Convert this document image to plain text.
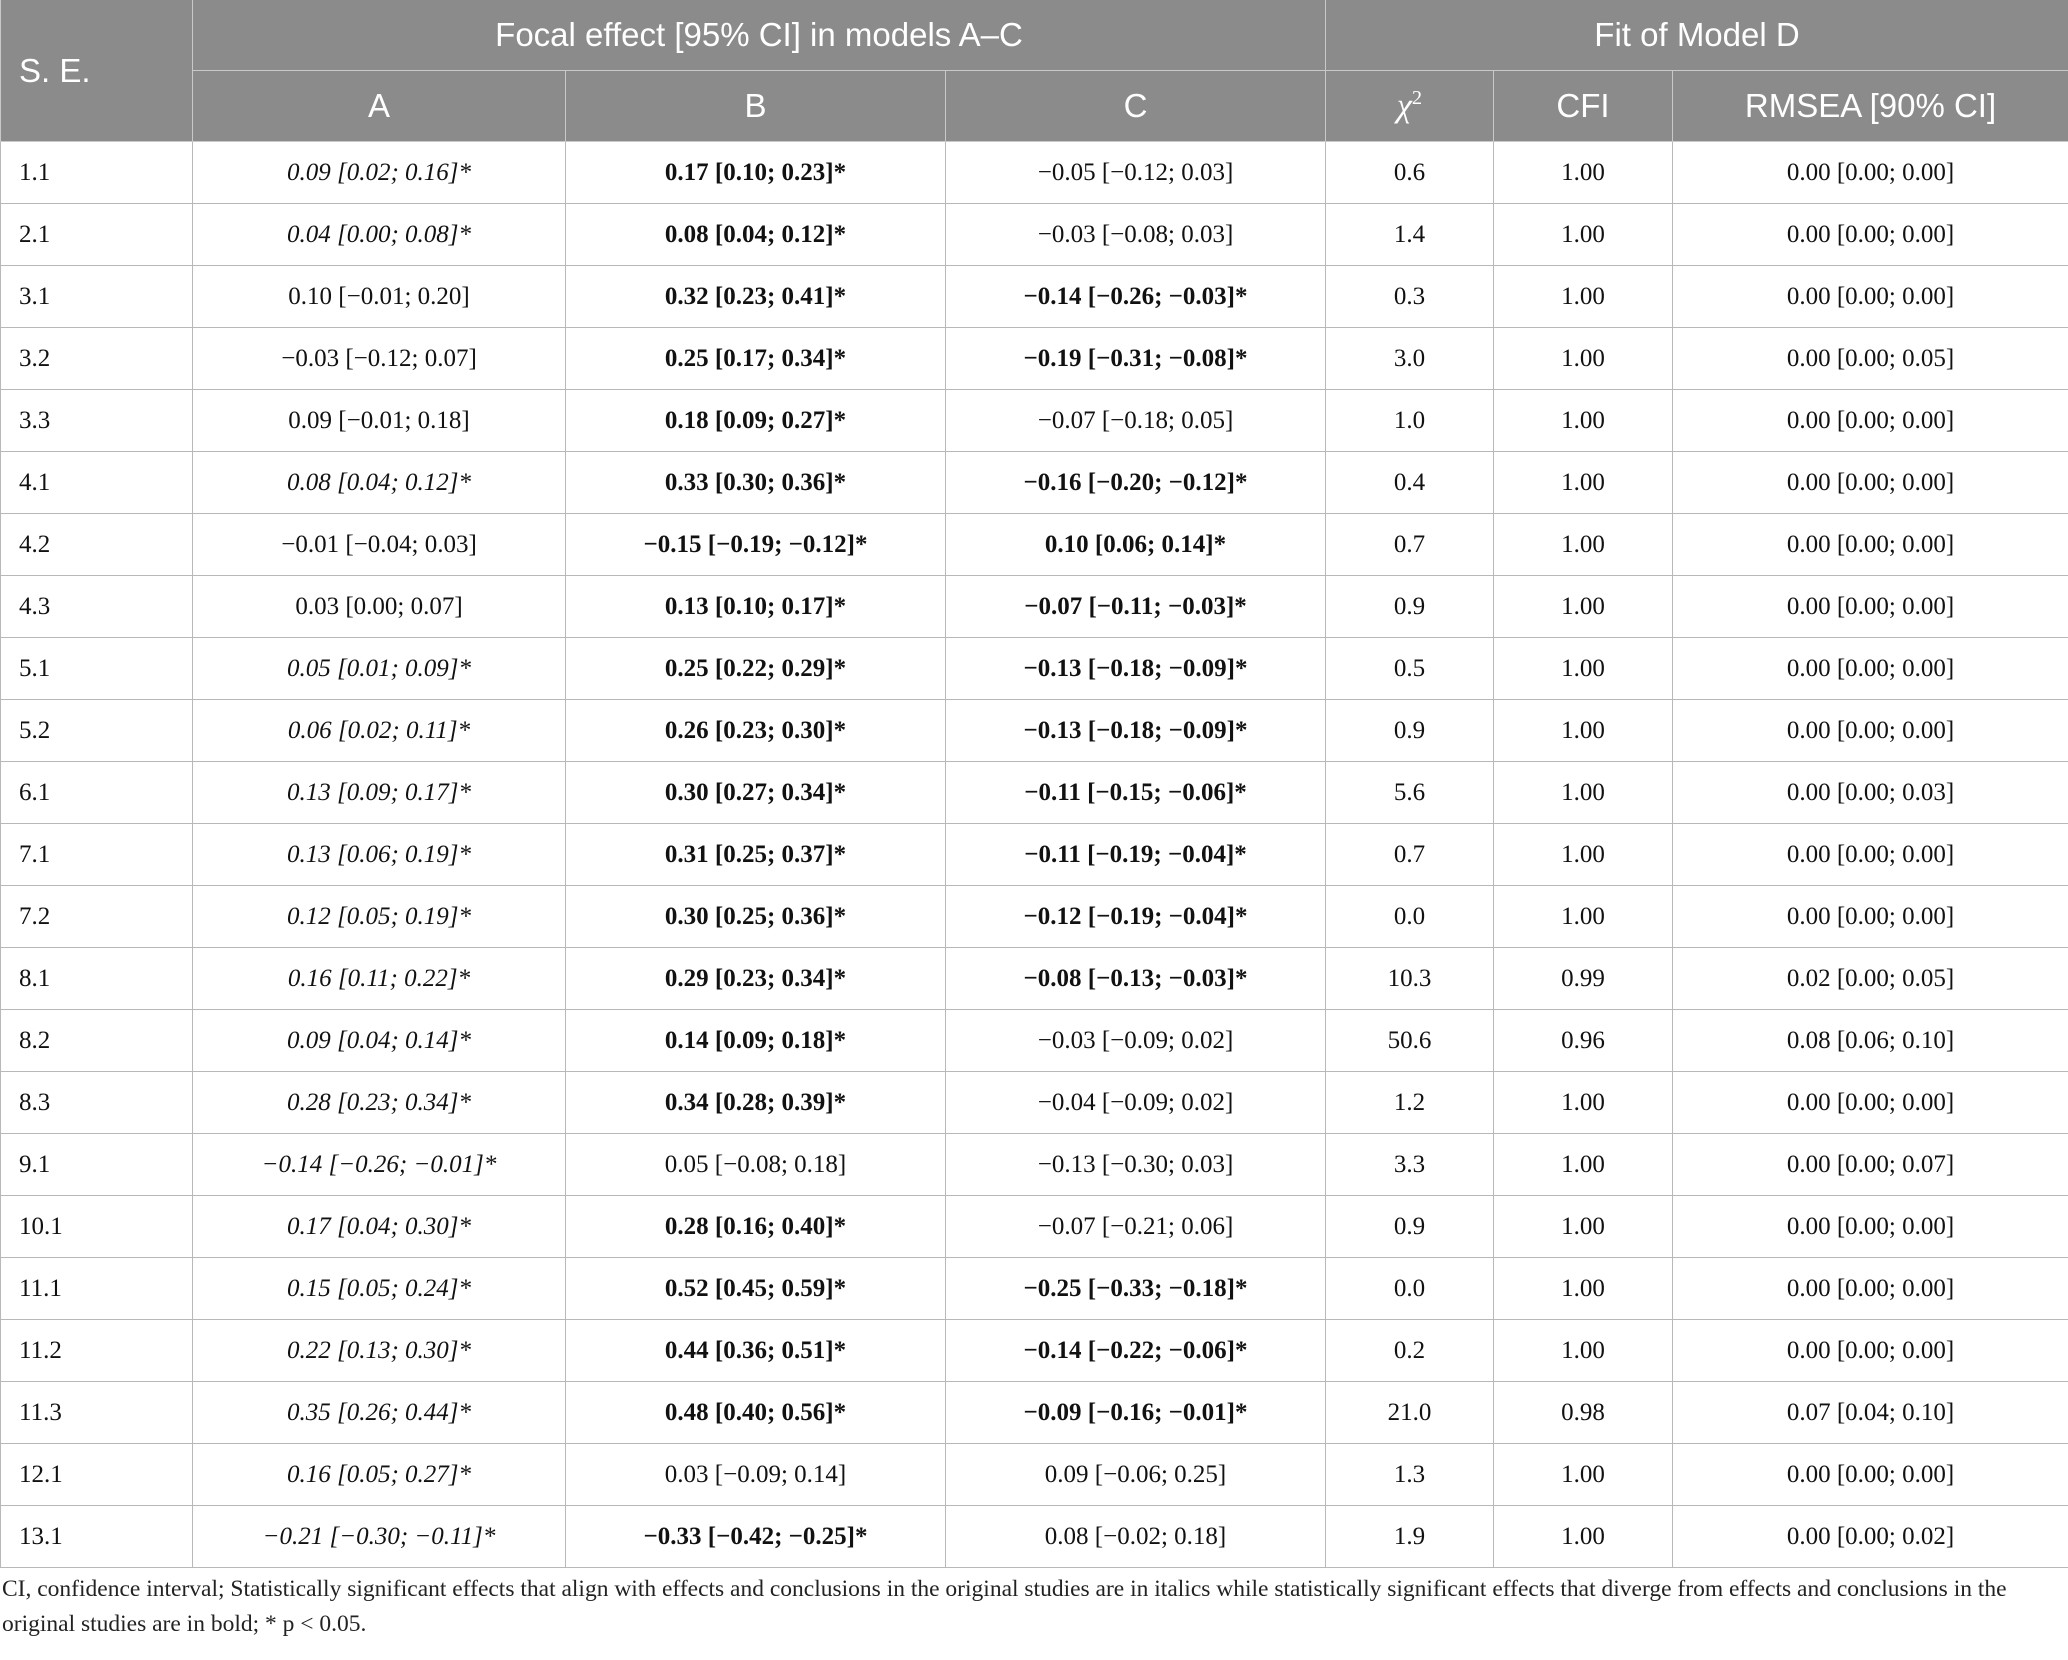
S. E.	Focal effect [95% CI] in models A–C			Fit of Model D		
	A	B	C	$\chi^2$	CFI	RMSEA [90% CI]
1.1	0.09 [0.02; 0.16]*	0.17 [0.10; 0.23]*	−0.05 [−0.12; 0.03]	0.6	1.00	0.00 [0.00; 0.00]
2.1	0.04 [0.00; 0.08]*	0.08 [0.04; 0.12]*	−0.03 [−0.08; 0.03]	1.4	1.00	0.00 [0.00; 0.00]
3.1	0.10 [−0.01; 0.20]	0.32 [0.23; 0.41]*	−0.14 [−0.26; −0.03]*	0.3	1.00	0.00 [0.00; 0.00]
3.2	−0.03 [−0.12; 0.07]	0.25 [0.17; 0.34]*	−0.19 [−0.31; −0.08]*	3.0	1.00	0.00 [0.00; 0.05]
3.3	0.09 [−0.01; 0.18]	0.18 [0.09; 0.27]*	−0.07 [−0.18; 0.05]	1.0	1.00	0.00 [0.00; 0.00]
4.1	0.08 [0.04; 0.12]*	0.33 [0.30; 0.36]*	−0.16 [−0.20; −0.12]*	0.4	1.00	0.00 [0.00; 0.00]
4.2	−0.01 [−0.04; 0.03]	−0.15 [−0.19; −0.12]*	0.10 [0.06; 0.14]*	0.7	1.00	0.00 [0.00; 0.00]
4.3	0.03 [0.00; 0.07]	0.13 [0.10; 0.17]*	−0.07 [−0.11; −0.03]*	0.9	1.00	0.00 [0.00; 0.00]
5.1	0.05 [0.01; 0.09]*	0.25 [0.22; 0.29]*	−0.13 [−0.18; −0.09]*	0.5	1.00	0.00 [0.00; 0.00]
5.2	0.06 [0.02; 0.11]*	0.26 [0.23; 0.30]*	−0.13 [−0.18; −0.09]*	0.9	1.00	0.00 [0.00; 0.00]
6.1	0.13 [0.09; 0.17]*	0.30 [0.27; 0.34]*	−0.11 [−0.15; −0.06]*	5.6	1.00	0.00 [0.00; 0.03]
7.1	0.13 [0.06; 0.19]*	0.31 [0.25; 0.37]*	−0.11 [−0.19; −0.04]*	0.7	1.00	0.00 [0.00; 0.00]
7.2	0.12 [0.05; 0.19]*	0.30 [0.25; 0.36]*	−0.12 [−0.19; −0.04]*	0.0	1.00	0.00 [0.00; 0.00]
8.1	0.16 [0.11; 0.22]*	0.29 [0.23; 0.34]*	−0.08 [−0.13; −0.03]*	10.3	0.99	0.02 [0.00; 0.05]
8.2	0.09 [0.04; 0.14]*	0.14 [0.09; 0.18]*	−0.03 [−0.09; 0.02]	50.6	0.96	0.08 [0.06; 0.10]
8.3	0.28 [0.23; 0.34]*	0.34 [0.28; 0.39]*	−0.04 [−0.09; 0.02]	1.2	1.00	0.00 [0.00; 0.00]
9.1	−0.14 [−0.26; −0.01]*	0.05 [−0.08; 0.18]	−0.13 [−0.30; 0.03]	3.3	1.00	0.00 [0.00; 0.07]
10.1	0.17 [0.04; 0.30]*	0.28 [0.16; 0.40]*	−0.07 [−0.21; 0.06]	0.9	1.00	0.00 [0.00; 0.00]
11.1	0.15 [0.05; 0.24]*	0.52 [0.45; 0.59]*	−0.25 [−0.33; −0.18]*	0.0	1.00	0.00 [0.00; 0.00]
11.2	0.22 [0.13; 0.30]*	0.44 [0.36; 0.51]*	−0.14 [−0.22; −0.06]*	0.2	1.00	0.00 [0.00; 0.00]
11.3	0.35 [0.26; 0.44]*	0.48 [0.40; 0.56]*	−0.09 [−0.16; −0.01]*	21.0	0.98	0.07 [0.04; 0.10]
12.1	0.16 [0.05; 0.27]*	0.03 [−0.09; 0.14]	0.09 [−0.06; 0.25]	1.3	1.00	0.00 [0.00; 0.00]
13.1	−0.21 [−0.30; −0.11]*	−0.33 [−0.42; −0.25]*	0.08 [−0.02; 0.18]	1.9	1.00	0.00 [0.00; 0.02]
CI, confidence interval; Statistically significant effects that align with effects and conclusions in the original studies are in italics while statistically significant effects that diverge from effects and conclusions in the original studies are in bold; * p < 0.05.
